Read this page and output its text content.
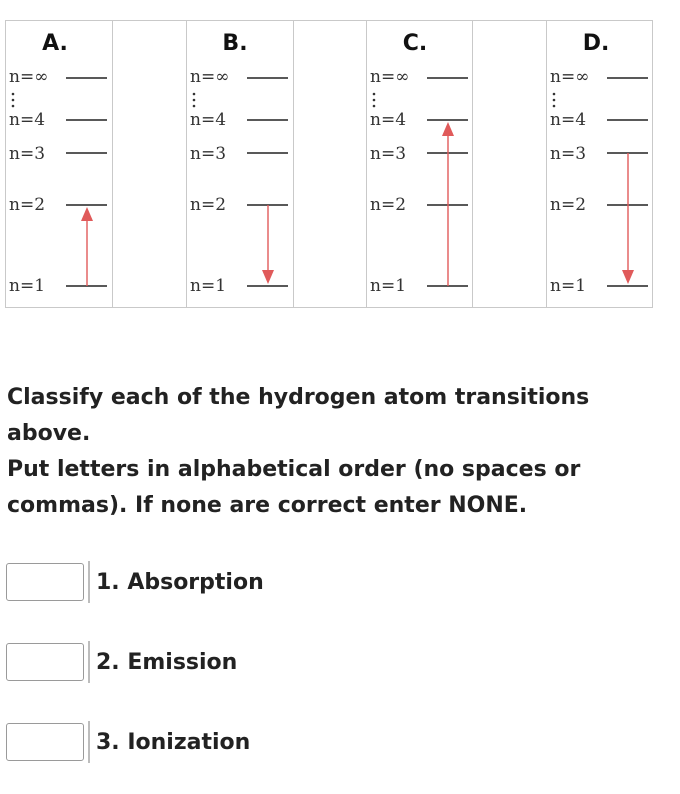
A.
n=∞
n=4
n=3
n=2
n=1
B.
n=∞
n=4
n=3
n=2
n=1
C.
n=∞
n=4
n=3
n=2
n=1
D.
n=∞
n=4
n=3
n=2
n=1
Classify each of the hydrogen atom transitions above.
Put letters in alphabetical order (no spaces or commas). If none are correct enter NONE.
1. Absorption
2. Emission
3. Ionization
